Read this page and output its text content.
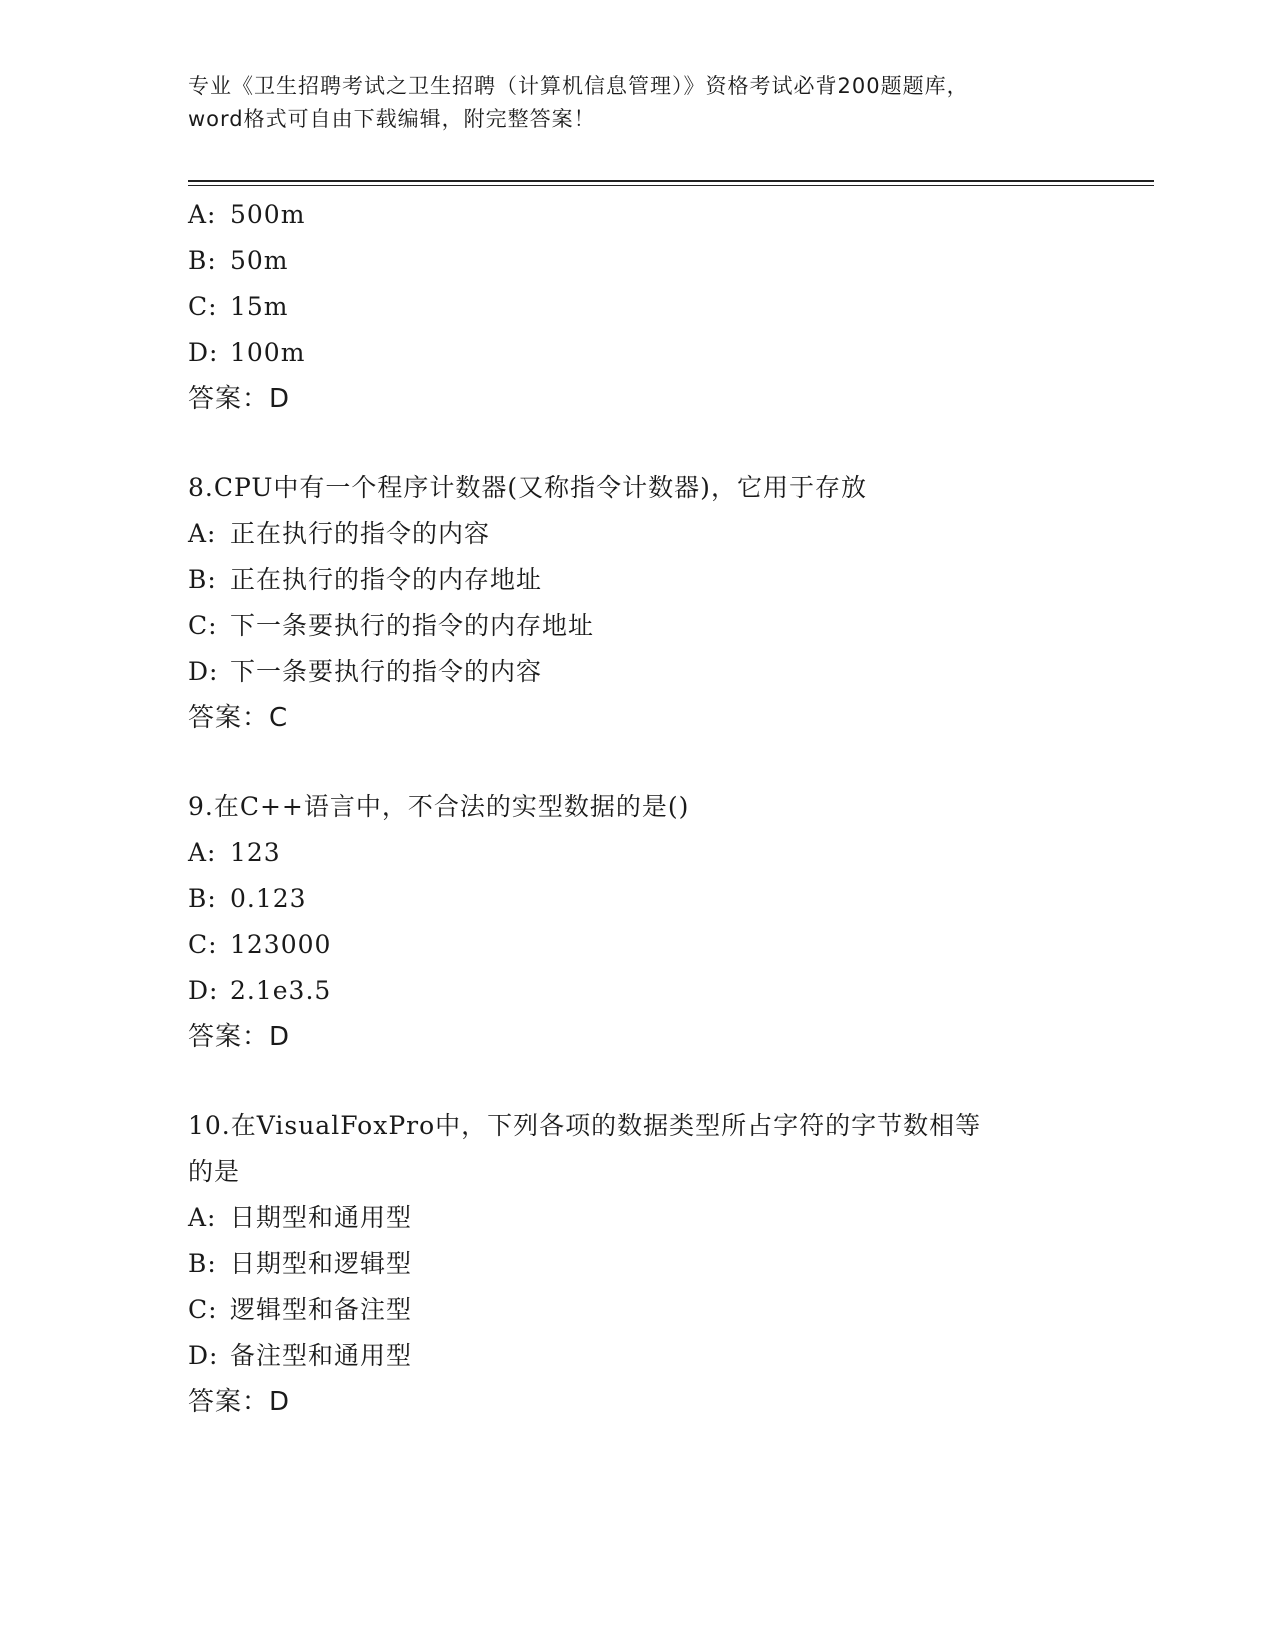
专业《卫生招聘考试之卫生招聘（计算机信息管理）》资格考试必背200题题库，
word格式可自由下载编辑，附完整答案！
A: 500m
B: 50m
C: 15m
D: 100m
答案：D
8.CPU中有一个程序计数器(又称指令计数器)，它用于存放
A: 正在执行的指令的内容
B: 正在执行的指令的内存地址
C: 下一条要执行的指令的内存地址
D: 下一条要执行的指令的内容
答案：C
9.在C++语言中，不合法的实型数据的是()
A: 123
B: 0.123
C: 123000
D: 2.1e3.5
答案：D
10.在VisualFoxPro中，下列各项的数据类型所占字符的字节数相等
的是
A: 日期型和通用型
B: 日期型和逻辑型
C: 逻辑型和备注型
D: 备注型和通用型
答案：D
